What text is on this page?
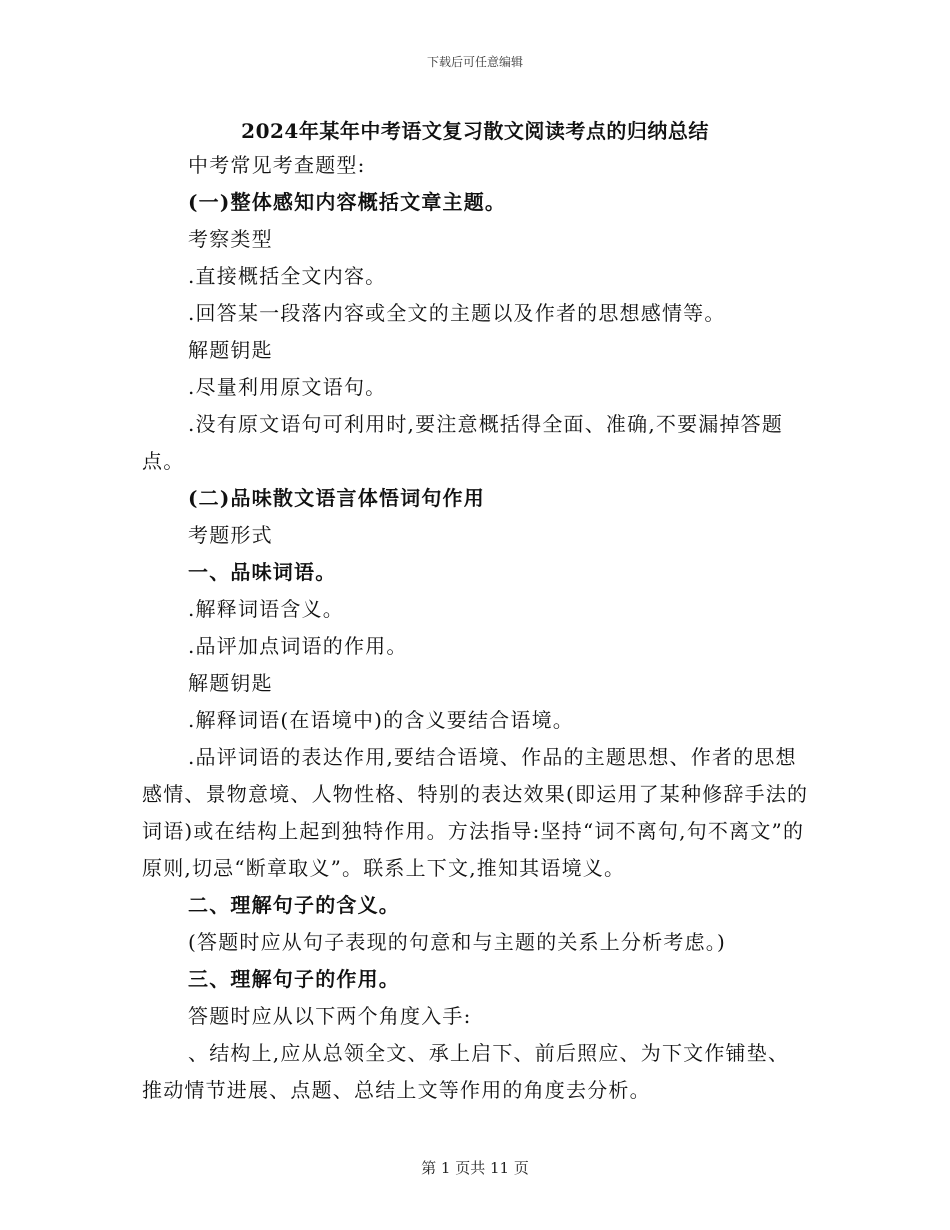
下载后可任意编辑
2024年某年中考语文复习散文阅读考点的归纳总结

中考常见考查题型:

(一)整体感知内容概括文章主题。

考察类型

.直接概括全文内容。

.回答某一段落内容或全文的主题以及作者的思想感情等。

解题钥匙

.尽量利用原文语句。

.没有原文语句可利用时,要注意概括得全面、准确,不要漏掉答题点。

(二)品味散文语言体悟词句作用

考题形式

一、品味词语。

.解释词语含义。

.品评加点词语的作用。

解题钥匙

.解释词语(在语境中)的含义要结合语境。

.品评词语的表达作用,要结合语境、作品的主题思想、作者的思想感情、景物意境、人物性格、特别的表达效果(即运用了某种修辞手法的词语)或在结构上起到独特作用。方法指导:坚持“词不离句,句不离文”的原则,切忌“断章取义”。联系上下文,推知其语境义。

二、理解句子的含义。

(答题时应从句子表现的句意和与主题的关系上分析考虑。)

三、理解句子的作用。

答题时应从以下两个角度入手:

、结构上,应从总领全文、承上启下、前后照应、为下文作铺垫、推动情节进展、点题、总结上文等作用的角度去分析。

第 1 页共 11 页
